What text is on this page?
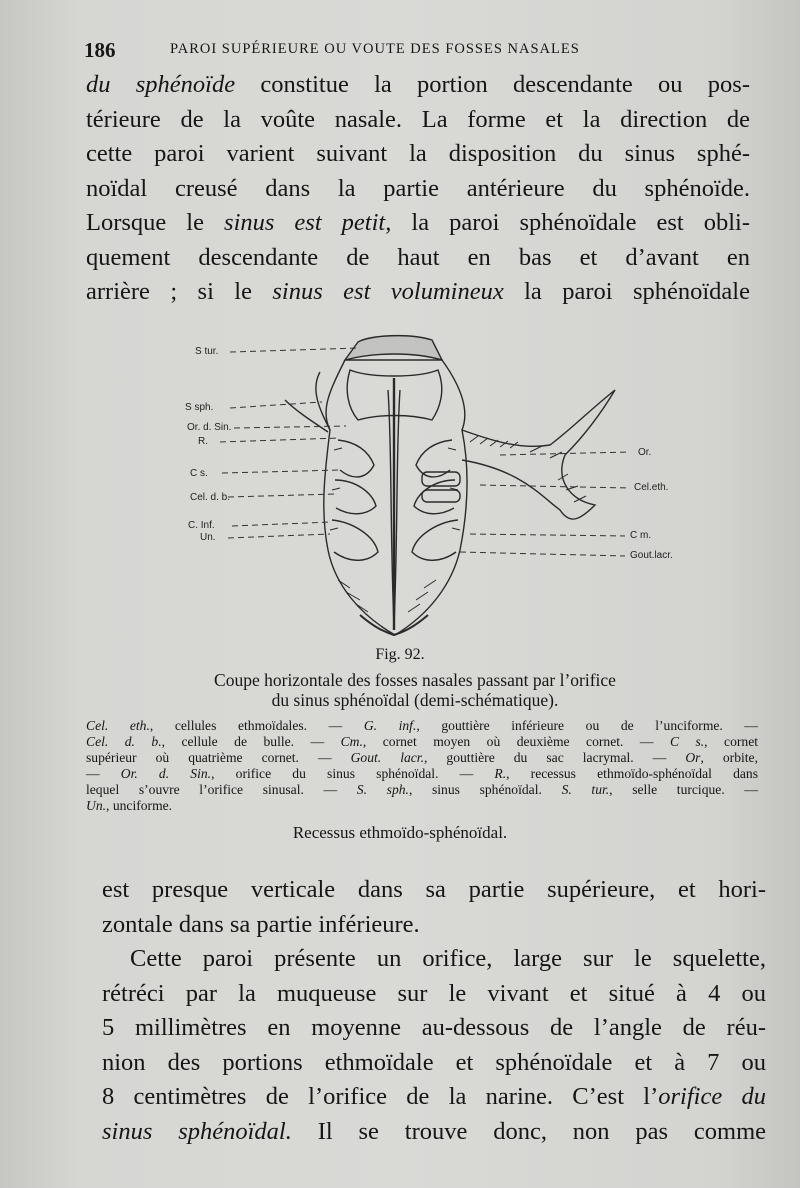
186	PAROI SUPÉRIEURE OU VOUTE DES FOSSES NASALES
du sphénoïde constitue la portion descendante ou pos-
térieure de la voûte nasale. La forme et la direction de
cette paroi varient suivant la disposition du sinus sphé-
noïdal creusé dans la partie antérieure du sphénoïde.
Lorsque le sinus est petit, la paroi sphénoïdale est obli-
quement descendante de haut en bas et d’avant en
arrière ; si le sinus est volumineux la paroi sphénoïdale
S tur.
S sph.
Or. d. Sin.
R.
C s.
Cel. d. b.
C. Inf.
Un.
Or.
Cel.eth.
C m.
Gout.lacr.
Fig. 92.
Coupe horizontale des fosses nasales passant par l’orifice
du sinus sphénoïdal (demi-schématique).
Cel. eth., cellules ethmoïdales. — G. inf., gouttière inférieure ou de l’unciforme. —
Cel. d. b., cellule de bulle. — Cm., cornet moyen où deuxième cornet. — C s., cornet
supérieur où quatrième cornet. — Gout. lacr., gouttière du sac lacrymal. — Or, orbite,
— Or. d. Sin., orifice du sinus sphénoïdal. — R., recessus ethmoïdo-sphénoïdal dans
lequel s’ouvre l’orifice sinusal. — S. sph., sinus sphénoïdal. S. tur., selle turcique. —
Un., unciforme.
Recessus ethmoïdo-sphénoïdal.
est presque verticale dans sa partie supérieure, et hori-
zontale dans sa partie inférieure.
Cette paroi présente un orifice, large sur le squelette,
rétréci par la muqueuse sur le vivant et situé à 4 ou
5 millimètres en moyenne au-dessous de l’angle de réu-
nion des portions ethmoïdale et sphénoïdale et à 7 ou
8 centimètres de l’orifice de la narine. C’est l’orifice du
sinus sphénoïdal. Il se trouve donc, non pas comme
